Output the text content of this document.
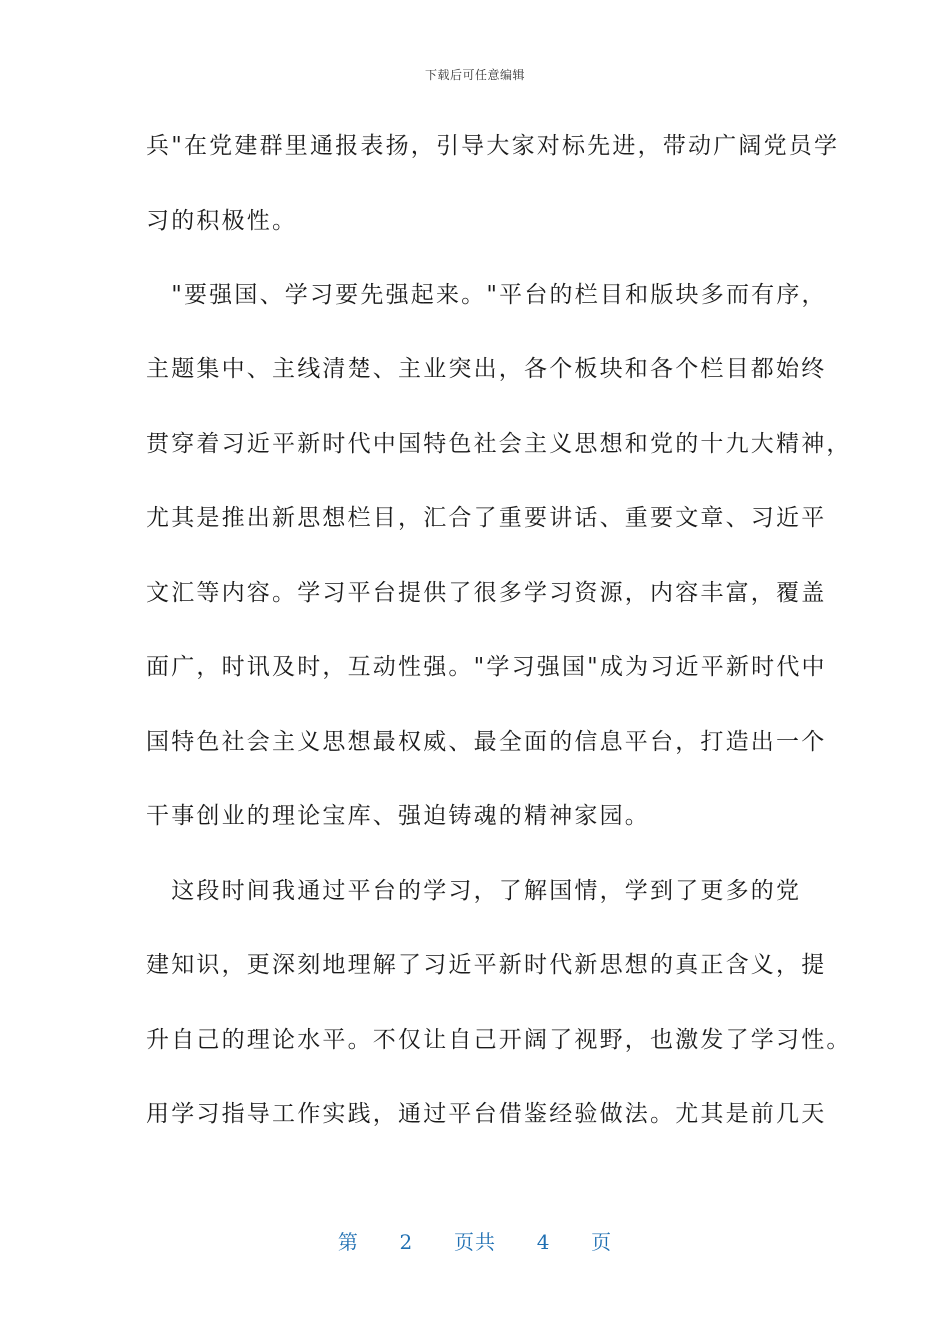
下载后可任意编辑
兵"在党建群里通报表扬，引导大家对标先进，带动广阔党员学
习的积极性。
　"要强国、学习要先强起来。"平台的栏目和版块多而有序，
主题集中、主线清楚、主业突出，各个板块和各个栏目都始终
贯穿着习近平新时代中国特色社会主义思想和党的十九大精神，
尤其是推出新思想栏目，汇合了重要讲话、重要文章、习近平
文汇等内容。学习平台提供了很多学习资源，内容丰富，覆盖
面广，时讯及时，互动性强。"学习强国"成为习近平新时代中
国特色社会主义思想最权威、最全面的信息平台，打造出一个
干事创业的理论宝库、强迫铸魂的精神家园。
　这段时间我通过平台的学习，了解国情，学到了更多的党
建知识，更深刻地理解了习近平新时代新思想的真正含义，提
升自己的理论水平。不仅让自己开阔了视野，也激发了学习性。
用学习指导工作实践，通过平台借鉴经验做法。尤其是前几天
第 2 页共 4 页
